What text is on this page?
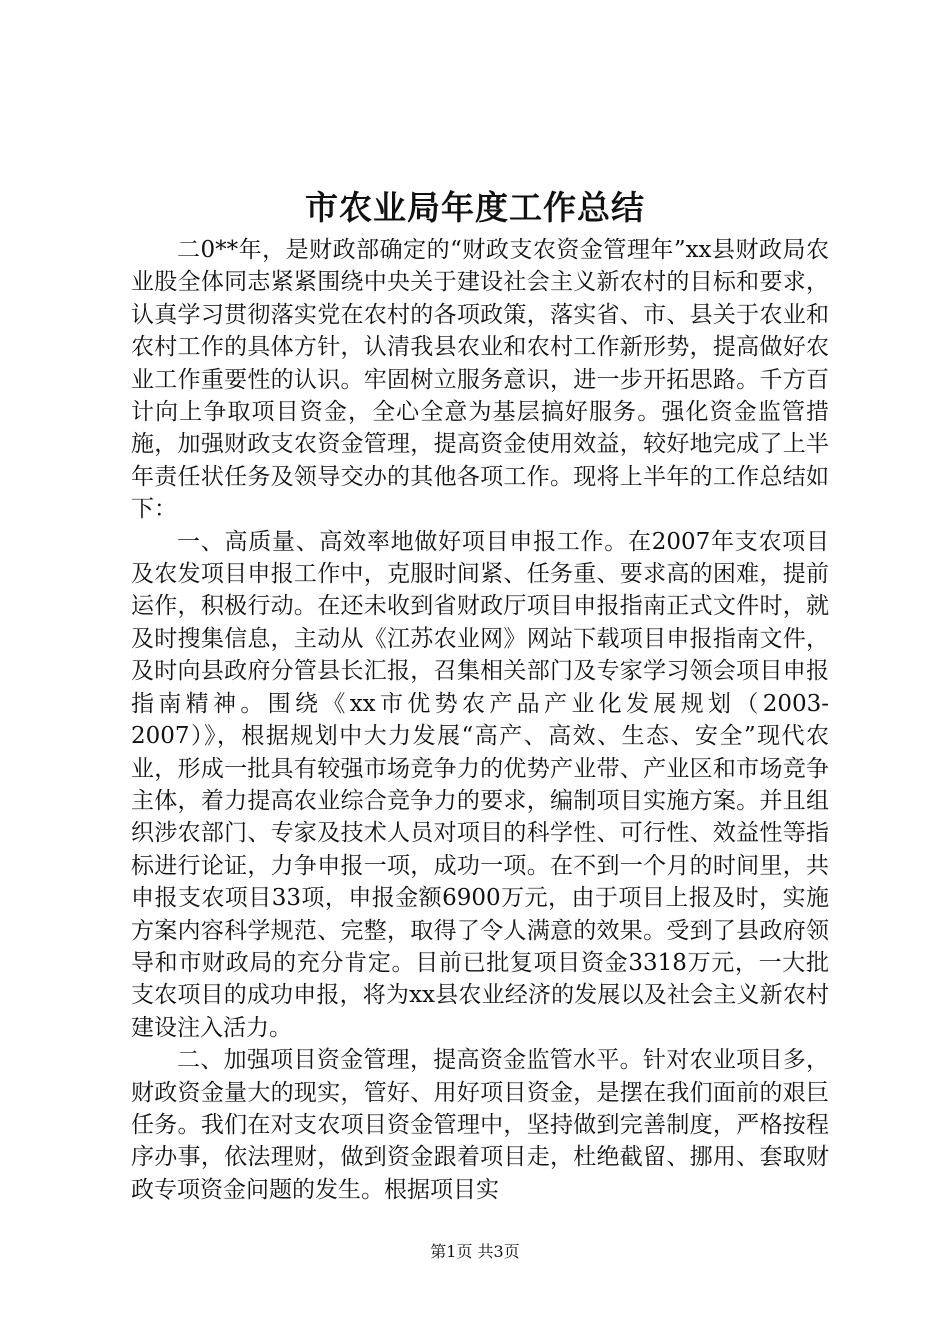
市农业局年度工作总结

二0**年，是财政部确定的“财政支农资金管理年”xx县财政局农业股全体同志紧紧围绕中央关于建设社会主义新农村的目标和要求，认真学习贯彻落实党在农村的各项政策，落实省、市、县关于农业和农村工作的具体方针，认清我县农业和农村工作新形势，提高做好农业工作重要性的认识。牢固树立服务意识，进一步开拓思路。千方百计向上争取项目资金，全心全意为基层搞好服务。强化资金监管措施，加强财政支农资金管理，提高资金使用效益，较好地完成了上半年责任状任务及领导交办的其他各项工作。现将上半年的工作总结如下：

一、高质量、高效率地做好项目申报工作。在2007年支农项目及农发项目申报工作中，克服时间紧、任务重、要求高的困难，提前运作，积极行动。在还未收到省财政厅项目申报指南正式文件时，就及时搜集信息，主动从《江苏农业网》网站下载项目申报指南文件，及时向县政府分管县长汇报，召集相关部门及专家学习领会项目申报指南精神。围绕《xx市优势农产品产业化发展规划（2003-2007）》，根据规划中大力发展“高产、高效、生态、安全”现代农业，形成一批具有较强市场竞争力的优势产业带、产业区和市场竞争主体，着力提高农业综合竞争力的要求，编制项目实施方案。并且组织涉农部门、专家及技术人员对项目的科学性、可行性、效益性等指标进行论证，力争申报一项，成功一项。在不到一个月的时间里，共申报支农项目33项，申报金额6900万元，由于项目上报及时，实施方案内容科学规范、完整，取得了令人满意的效果。受到了县政府领导和市财政局的充分肯定。目前已批复项目资金3318万元，一大批支农项目的成功申报，将为xx县农业经济的发展以及社会主义新农村建设注入活力。

二、加强项目资金管理，提高资金监管水平。针对农业项目多，财政资金量大的现实，管好、用好项目资金，是摆在我们面前的艰巨任务。我们在对支农项目资金管理中，坚持做到完善制度，严格按程序办事，依法理财，做到资金跟着项目走，杜绝截留、挪用、套取财政专项资金问题的发生。根据项目实

第1页 共3页
